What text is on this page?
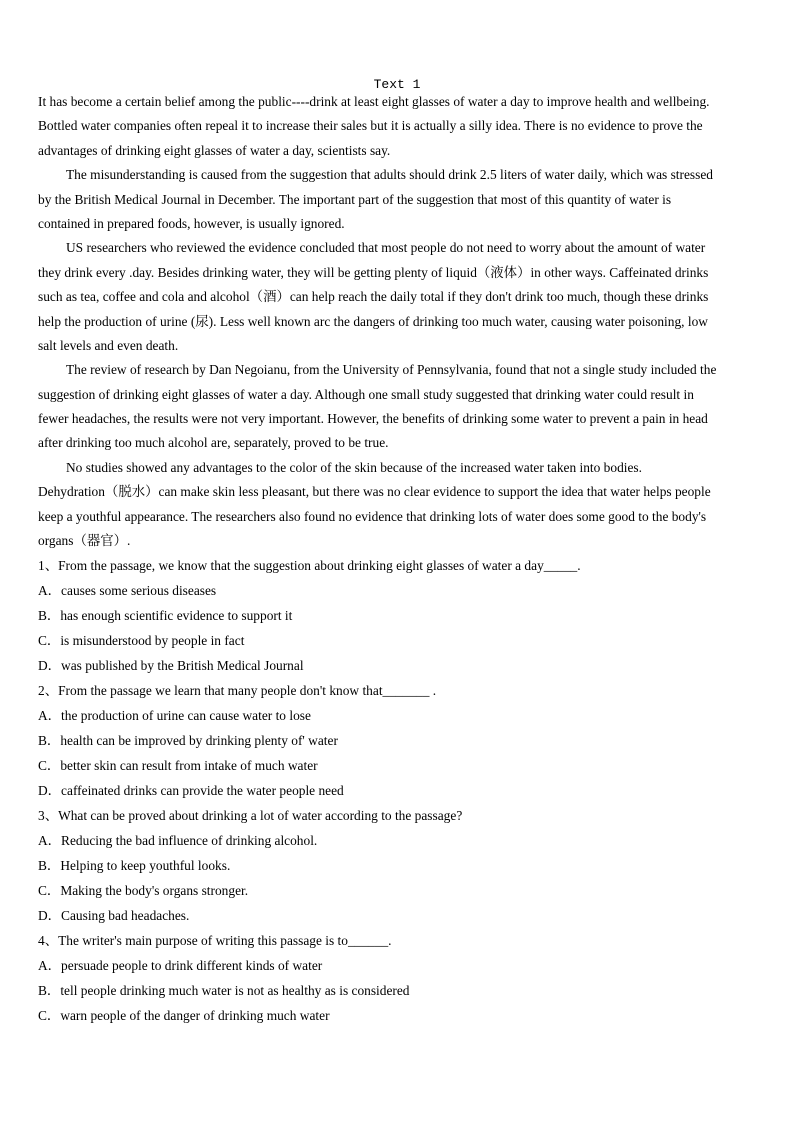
Text 1
It has become a certain belief among the public----drink at least eight glasses of water a day to improve health and wellbeing.
Bottled water companies often repeal it to increase their sales but it is actually a silly idea. There is no evidence to prove the
advantages of drinking eight glasses of water a day, scientists say.
The misunderstanding is caused from the suggestion that adults should drink 2.5 liters of water daily, which was stressed
by the British Medical Journal in December. The important part of the suggestion that most of this quantity of water is
contained in prepared foods, however, is usually ignored.
US researchers who reviewed the evidence concluded that most people do not need to worry about the amount of water
they drink every .day. Besides drinking water, they will be getting plenty of liquid（液体）in other ways. Caffeinated drinks
such as tea, coffee and cola and alcohol（酒）can help reach the daily total if they don't drink too much, though these drinks
help the production of urine (尿). Less well known arc the dangers of drinking too much water, causing water poisoning, low
salt levels and even death.
The review of research by Dan Negoianu, from the University of Pennsylvania, found that not a single study included the
suggestion of drinking eight glasses of water a day. Although one small study suggested that drinking water could result in
fewer headaches, the results were not very important. However, the benefits of drinking some water to prevent a pain in head
after drinking too much alcohol are, separately, proved to be true.
No studies showed any advantages to the color of the skin because of the increased water taken into bodies.
Dehydration（脱水）can make skin less pleasant, but there was no clear evidence to support the idea that water helps people
keep a youthful appearance. The researchers also found no evidence that drinking lots of water does some good to the body's
organs（器官）.
1、From the passage, we know that the suggestion about drinking eight glasses of water a day_____.
A．causes some serious diseases
B．has enough scientific evidence to support it
C．is misunderstood by people in fact
D．was published by the British Medical Journal
2、From the passage we learn that many people don't know that_______ .
A．the production of urine can cause water to lose
B．health can be improved by drinking plenty of' water
C．better skin can result from intake of much water
D．caffeinated drinks can provide the water people need
3、What can be proved about drinking a lot of water according to the passage?
A．Reducing the bad influence of drinking alcohol.
B．Helping to keep youthful looks.
C．Making the body's organs stronger.
D．Causing bad headaches.
4、The writer's main purpose of writing this passage is to______.
A．persuade people to drink different kinds of water
B．tell people drinking much water is not as healthy as is considered
C．warn people of the danger of drinking much water
